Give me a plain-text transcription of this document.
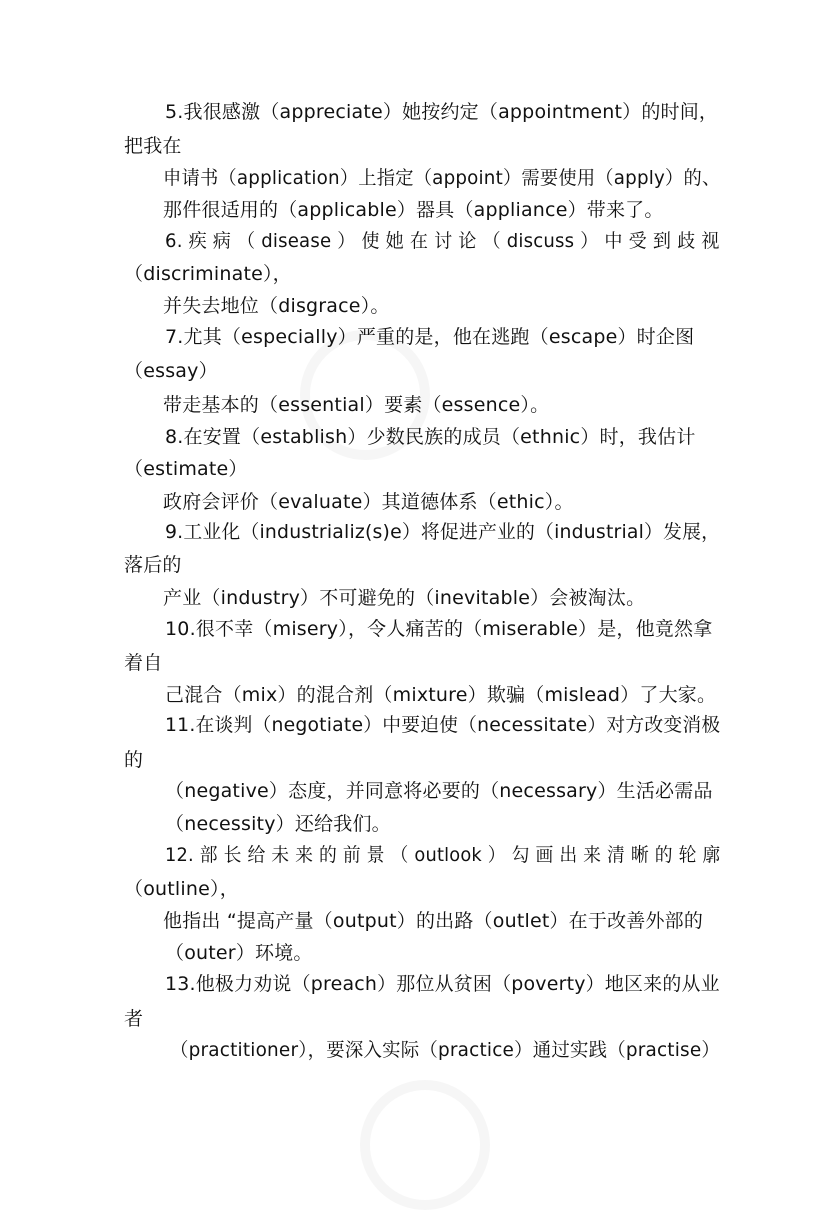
5.我很感激（appreciate）她按约定（appointment）的时间，
把我在
申请书（application）上指定（appoint）需要使用（apply）的、
那件很适用的（applicable）器具（appliance）带来了。
6. 疾 病 （ disease ） 使 她 在 讨 论 （ discuss ） 中 受 到 歧 视
（discriminate），
并失去地位（disgrace）。
7.尤其（especially）严重的是，他在逃跑（escape）时企图
（essay）
带走基本的（essential）要素（essence）。
8.在安置（establish）少数民族的成员（ethnic）时，我估计
（estimate）
政府会评价（evaluate）其道德体系（ethic）。
9.工业化（industrializ(s)e）将促进产业的（industrial）发展，
落后的
产业（industry）不可避免的（inevitable）会被淘汰。
10.很不幸（misery），令人痛苦的（miserable）是，他竟然拿
着自
己混合（mix）的混合剂（mixture）欺骗（mislead）了大家。
11.在谈判（negotiate）中要迫使（necessitate）对方改变消极
的
（negative）态度，并同意将必要的（necessary）生活必需品
（necessity）还给我们。
12. 部 长 给 未 来 的 前 景 （ outlook ） 勾 画 出 来 清 晰 的 轮 廓
（outline），
他指出 “提高产量（output）的出路（outlet）在于改善外部的
（outer）环境。
13.他极力劝说（preach）那位从贫困（poverty）地区来的从业
者
（practitioner），要深入实际（practice）通过实践（practise）
